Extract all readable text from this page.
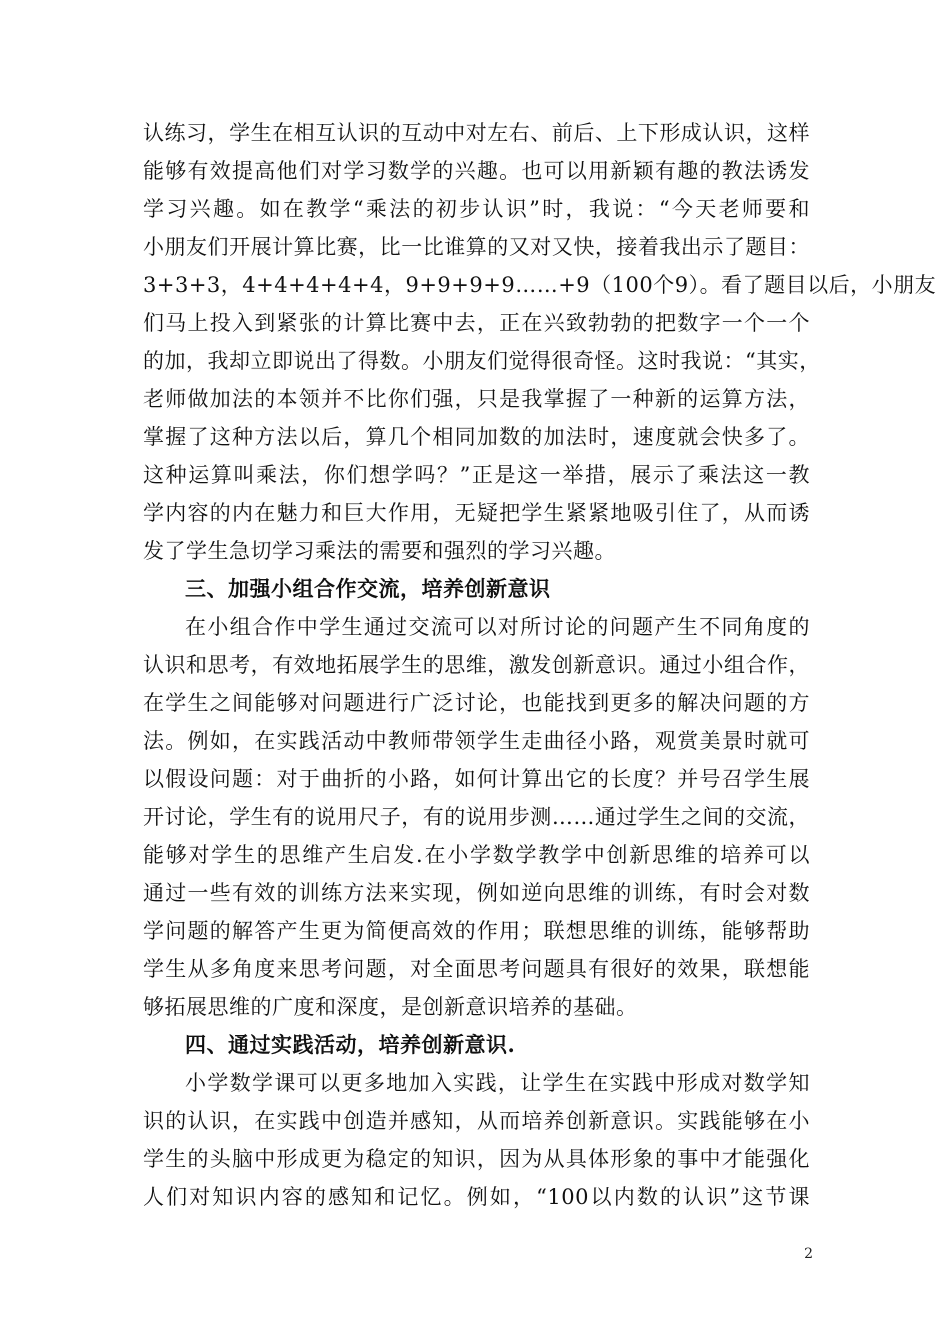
认练习，学生在相互认识的互动中对左右、前后、上下形成认识，这样
能够有效提高他们对学习数学的兴趣。也可以用新颖有趣的教法诱发
学习兴趣。如在教学“乘法的初步认识”时，我说：“今天老师要和
小朋友们开展计算比赛，比一比谁算的又对又快，接着我出示了题目：
3+3+3，4+4+4+4+4，9+9+9+9……+9（100个9）。看了题目以后，小朋友
们马上投入到紧张的计算比赛中去，正在兴致勃勃的把数字一个一个
的加，我却立即说出了得数。小朋友们觉得很奇怪。这时我说：“其实，
老师做加法的本领并不比你们强，只是我掌握了一种新的运算方法，
掌握了这种方法以后，算几个相同加数的加法时，速度就会快多了。
这种运算叫乘法，你们想学吗？”正是这一举措，展示了乘法这一教
学内容的内在魅力和巨大作用，无疑把学生紧紧地吸引住了，从而诱
发了学生急切学习乘法的需要和强烈的学习兴趣。
三、加强小组合作交流，培养创新意识
在小组合作中学生通过交流可以对所讨论的问题产生不同角度的
认识和思考，有效地拓展学生的思维，激发创新意识。通过小组合作，
在学生之间能够对问题进行广泛讨论，也能找到更多的解决问题的方
法。例如，在实践活动中教师带领学生走曲径小路，观赏美景时就可
以假设问题：对于曲折的小路，如何计算出它的长度？并号召学生展
开讨论，学生有的说用尺子，有的说用步测……通过学生之间的交流，
能够对学生的思维产生启发.在小学数学教学中创新思维的培养可以
通过一些有效的训练方法来实现，例如逆向思维的训练，有时会对数
学问题的解答产生更为简便高效的作用；联想思维的训练，能够帮助
学生从多角度来思考问题，对全面思考问题具有很好的效果，联想能
够拓展思维的广度和深度，是创新意识培养的基础。
四、通过实践活动，培养创新意识.
小学数学课可以更多地加入实践，让学生在实践中形成对数学知
识的认识，在实践中创造并感知，从而培养创新意识。实践能够在小
学生的头脑中形成更为稳定的知识，因为从具体形象的事中才能强化
人们对知识内容的感知和记忆。例如，“100以内数的认识”这节课
2
